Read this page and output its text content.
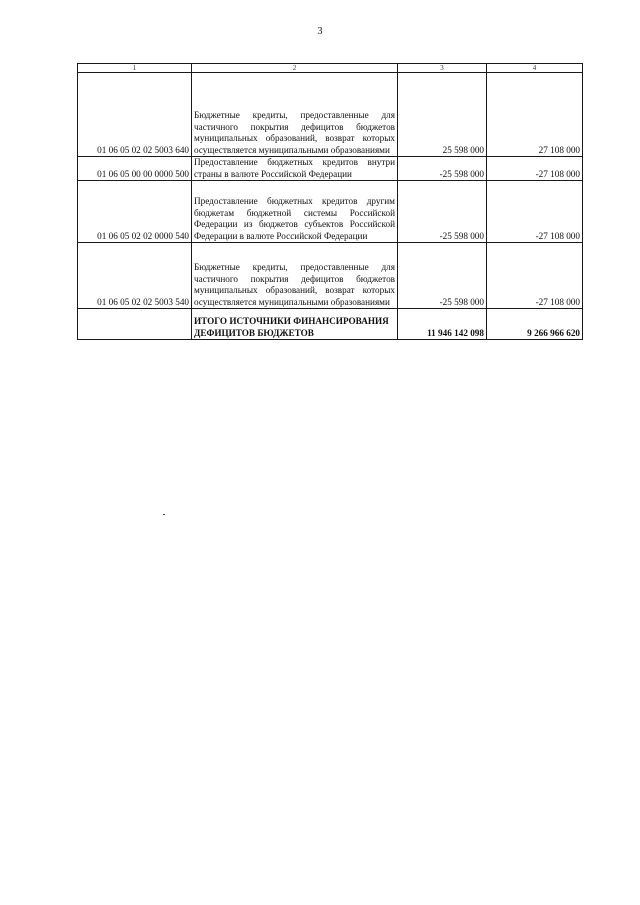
3
1	2	3	4
01 06 05 02 02 5003 640	Бюджетные кредиты, предоставленные для частичного покрытия дефицитов бюджетов муниципальных образований, возврат которых осуществляется муниципальными образованиями	25 598 000	27 108 000
01 06 05 00 00 0000 500	Предоставление бюджетных кредитов внутри страны в валюте Российской Федерации	-25 598 000	-27 108 000
01 06 05 02 02 0000 540	Предоставление бюджетных кредитов другим бюджетам бюджетной системы Российской Федерации из бюджетов субъектов Российской Федерации в валюте Российской Федерации	-25 598 000	-27 108 000
01 06 05 02 02 5003 540	Бюджетные кредиты, предоставленные для частичного покрытия дефицитов бюджетов муниципальных образований, возврат которых осуществляется муниципальными образованиями	-25 598 000	-27 108 000
	ИТОГО ИСТОЧНИКИ ФИНАНСИРОВАНИЯ ДЕФИЦИТОВ БЮДЖЕТОВ	11 946 142 098	9 266 966 620
